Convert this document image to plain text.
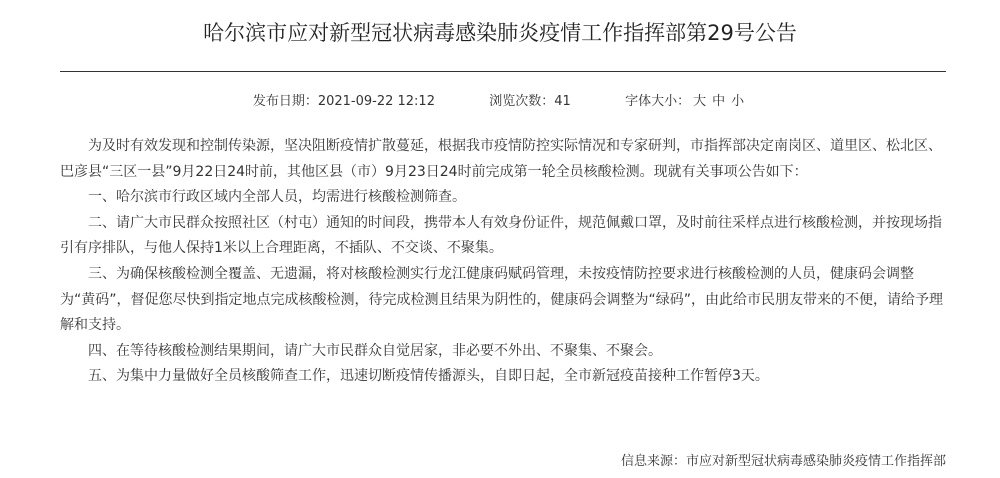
哈尔滨市应对新型冠状病毒感染肺炎疫情工作指挥部第29号公告
发布日期：2021-09-22 12:12	浏览次数：41	字体大小： 大 中 小

为及时有效发现和控制传染源，坚决阻断疫情扩散蔓延，根据我市疫情防控实际情况和专家研判，市指挥部决定南岗区、道里区、松北区、巴彦县“三区一县”9月22日24时前，其他区县（市）9月23日24时前完成第一轮全员核酸检测。现就有关事项公告如下：

一、哈尔滨市行政区域内全部人员，均需进行核酸检测筛查。

二、请广大市民群众按照社区（村屯）通知的时间段，携带本人有效身份证件，规范佩戴口罩，及时前往采样点进行核酸检测，并按现场指引有序排队，与他人保持1米以上合理距离，不插队、不交谈、不聚集。

三、为确保核酸检测全覆盖、无遗漏，将对核酸检测实行龙江健康码赋码管理，未按疫情防控要求进行核酸检测的人员，健康码会调整为“黄码”，督促您尽快到指定地点完成核酸检测，待完成检测且结果为阴性的，健康码会调整为“绿码”，由此给市民朋友带来的不便，请给予理解和支持。

四、在等待核酸检测结果期间，请广大市民群众自觉居家，非必要不外出、不聚集、不聚会。

五、为集中力量做好全员核酸筛查工作，迅速切断疫情传播源头，自即日起，全市新冠疫苗接种工作暂停3天。

信息来源：市应对新型冠状病毒感染肺炎疫情工作指挥部
